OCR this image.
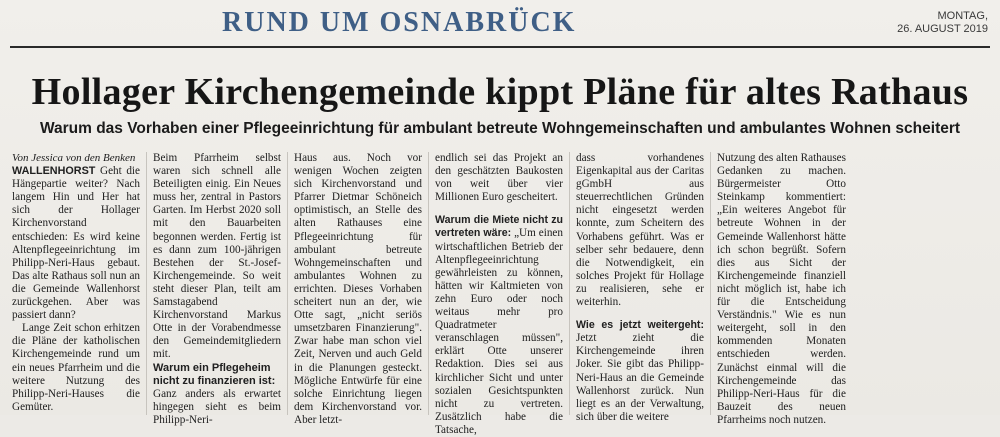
RUND UM OSNABRÜCK	MONTAG,
26. AUGUST 2019
Hollager Kirchengemeinde kippt Pläne für altes Rathaus
Warum das Vorhaben einer Pflegeeinrichtung für ambulant betreute Wohngemeinschaften und ambulantes Wohnen scheitert

Von Jessica von den Benken

WALLENHORST Geht die Hängepartie weiter? Nach langem Hin und Her hat sich der Hollager Kirchenvorstand entschieden: Es wird keine Altenpflegeeinrichtung im Philipp-Neri-Haus gebaut. Das alte Rathaus soll nun an die Gemeinde Wallenhorst zurückgehen. Aber was passiert dann?

Lange Zeit schon erhitzen die Pläne der katholischen Kirchengemeinde rund um ein neues Pfarrheim und die weitere Nutzung des Philipp-Neri-Hauses die Gemüter.

Beim Pfarrheim selbst waren sich schnell alle Beteiligten einig. Ein Neues muss her, zentral in Pastors Garten. Im Herbst 2020 soll mit den Bauarbeiten begonnen werden. Fertig ist es dann zum 100-jährigen Bestehen der St.-Josef-Kirchengemeinde. So weit steht dieser Plan, teilt am Samstagabend Kirchenvorstand Markus Otte in der Vorabendmesse den Gemeindemitgliedern mit.

Warum ein Pflegeheim nicht zu finanzieren ist:

Ganz anders als erwartet hingegen sieht es beim Philipp-Neri-

Haus aus. Noch vor wenigen Wochen zeigten sich Kirchenvorstand und Pfarrer Dietmar Schöneich optimistisch, an Stelle des alten Rathauses eine Pflegeeinrichtung für ambulant betreute Wohngemeinschaften und ambulantes Wohnen zu errichten. Dieses Vorhaben scheitert nun an der, wie Otte sagt, „nicht seriös umsetzbaren Finanzierung". Zwar habe man schon viel Zeit, Nerven und auch Geld in die Planungen gesteckt. Mögliche Entwürfe für eine solche Einrichtung liegen dem Kirchenvorstand vor. Aber letzt-

endlich sei das Projekt an den geschätzten Baukosten von weit über vier Millionen Euro gescheitert.

Warum die Miete nicht zu vertreten wäre: „Um einen wirtschaftlichen Betrieb der Altenpflegeeinrichtung gewährleisten zu können, hätten wir Kaltmieten von zehn Euro oder noch weitaus mehr pro Quadratmeter veranschlagen müssen", erklärt Otte unserer Redaktion. Dies sei aus kirchlicher Sicht und unter sozialen Gesichtspunkten nicht zu vertreten. Zusätzlich habe die Tatsache,

dass vorhandenes Eigenkapital aus der Caritas gGmbH aus steuerrechtlichen Gründen nicht eingesetzt werden konnte, zum Scheitern des Vorhabens geführt. Was er selber sehr bedauere, denn die Notwendigkeit, ein solches Projekt für Hollage zu realisieren, sehe er weiterhin.

Wie es jetzt weitergeht: Jetzt zieht die Kirchengemeinde ihren Joker. Sie gibt das Philipp-Neri-Haus an die Gemeinde Wallenhorst zurück. Nun liegt es an der Verwaltung, sich über die weitere

Nutzung des alten Rathauses Gedanken zu machen. Bürgermeister Otto Steinkamp kommentiert: „Ein weiteres Angebot für betreute Wohnen in der Gemeinde Wallenhorst hätte ich schon begrüßt. Sofern dies aus Sicht der Kirchengemeinde finanziell nicht möglich ist, habe ich für die Entscheidung Verständnis." Wie es nun weitergeht, soll in den kommenden Monaten entschieden werden. Zunächst einmal will die Kirchengemeinde das Philipp-Neri-Haus für die Bauzeit des neuen Pfarrheims noch nutzen.
